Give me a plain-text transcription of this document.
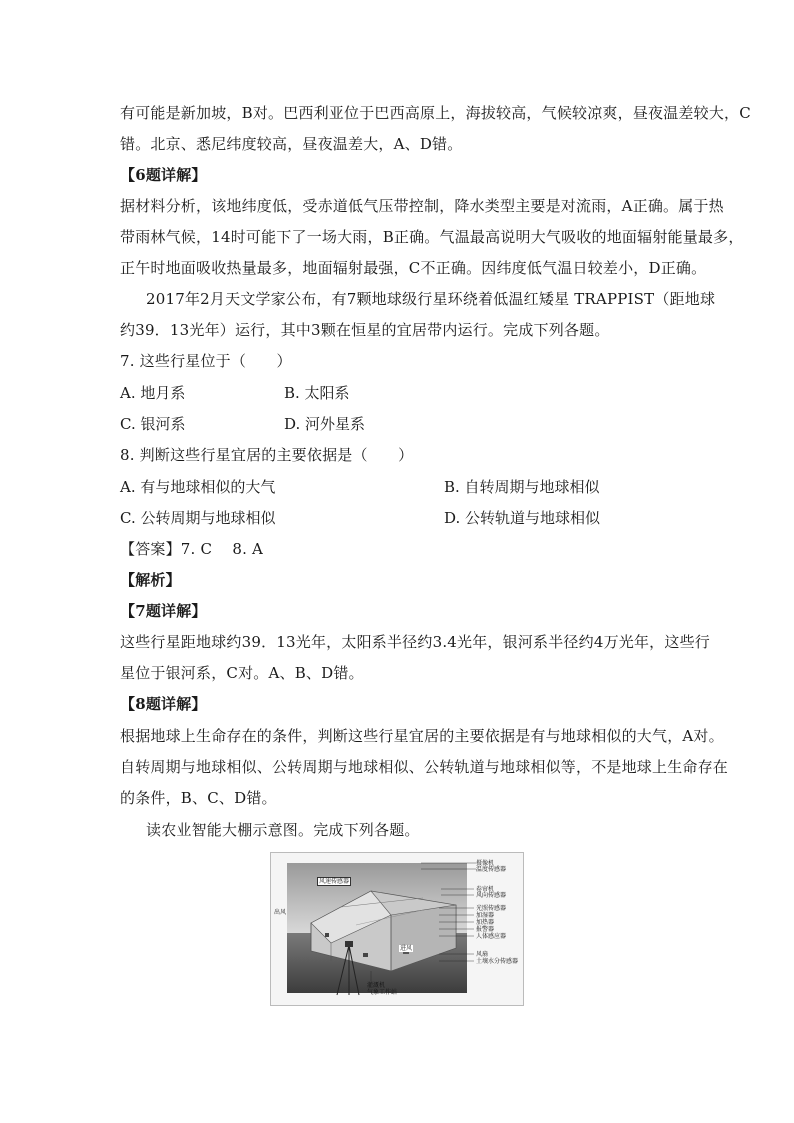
有可能是新加坡，B对。巴西利亚位于巴西高原上，海拔较高，气候较凉爽，昼夜温差较大，C
错。北京、悉尼纬度较高，昼夜温差大，A、D错。
【6题详解】
据材料分析，该地纬度低，受赤道低气压带控制，降水类型主要是对流雨，A正确。属于热
带雨林气候，14时可能下了一场大雨，B正确。气温最高说明大气吸收的地面辐射能量最多，
正午时地面吸收热量最多，地面辐射最强，C不正确。因纬度低气温日较差小，D正确。
2017年2月天文学家公布，有7颗地球级行星环绕着低温红矮星 TRAPPIST（距地球
约39．13光年）运行，其中3颗在恒星的宜居带内运行。完成下列各题。
7. 这些行星位于（　　）
A. 地月系	B. 太阳系
C. 银河系	D. 河外星系
8. 判断这些行星宜居的主要依据是（　　）
A. 有与地球相似的大气	B. 自转周期与地球相似
C. 公转周期与地球相似	D. 公转轨道与地球相似
【答案】7. C　 8. A
【解析】
【7题详解】
这些行星距地球约39．13光年，太阳系半径约3.4光年，银河系半径约4万光年，这些行
星位于银河系，C对。A、B、D错。
【8题详解】
根据地球上生命存在的条件，判断这些行星宜居的主要依据是有与地球相似的大气，A对。
自转周期与地球相似、公转周期与地球相似、公转轨道与地球相似等，不是地球上生命存在
的条件，B、C、D错。
读农业智能大棚示意图。完成下列各题。
风速传感器
出风
进风
摄像机
温度传感器
卷帘机
风向传感器
光照传感器
加湿器
加热器
报警器
人体感应器
风扇
土壤水分传感器
灌溉机
气象工作站
